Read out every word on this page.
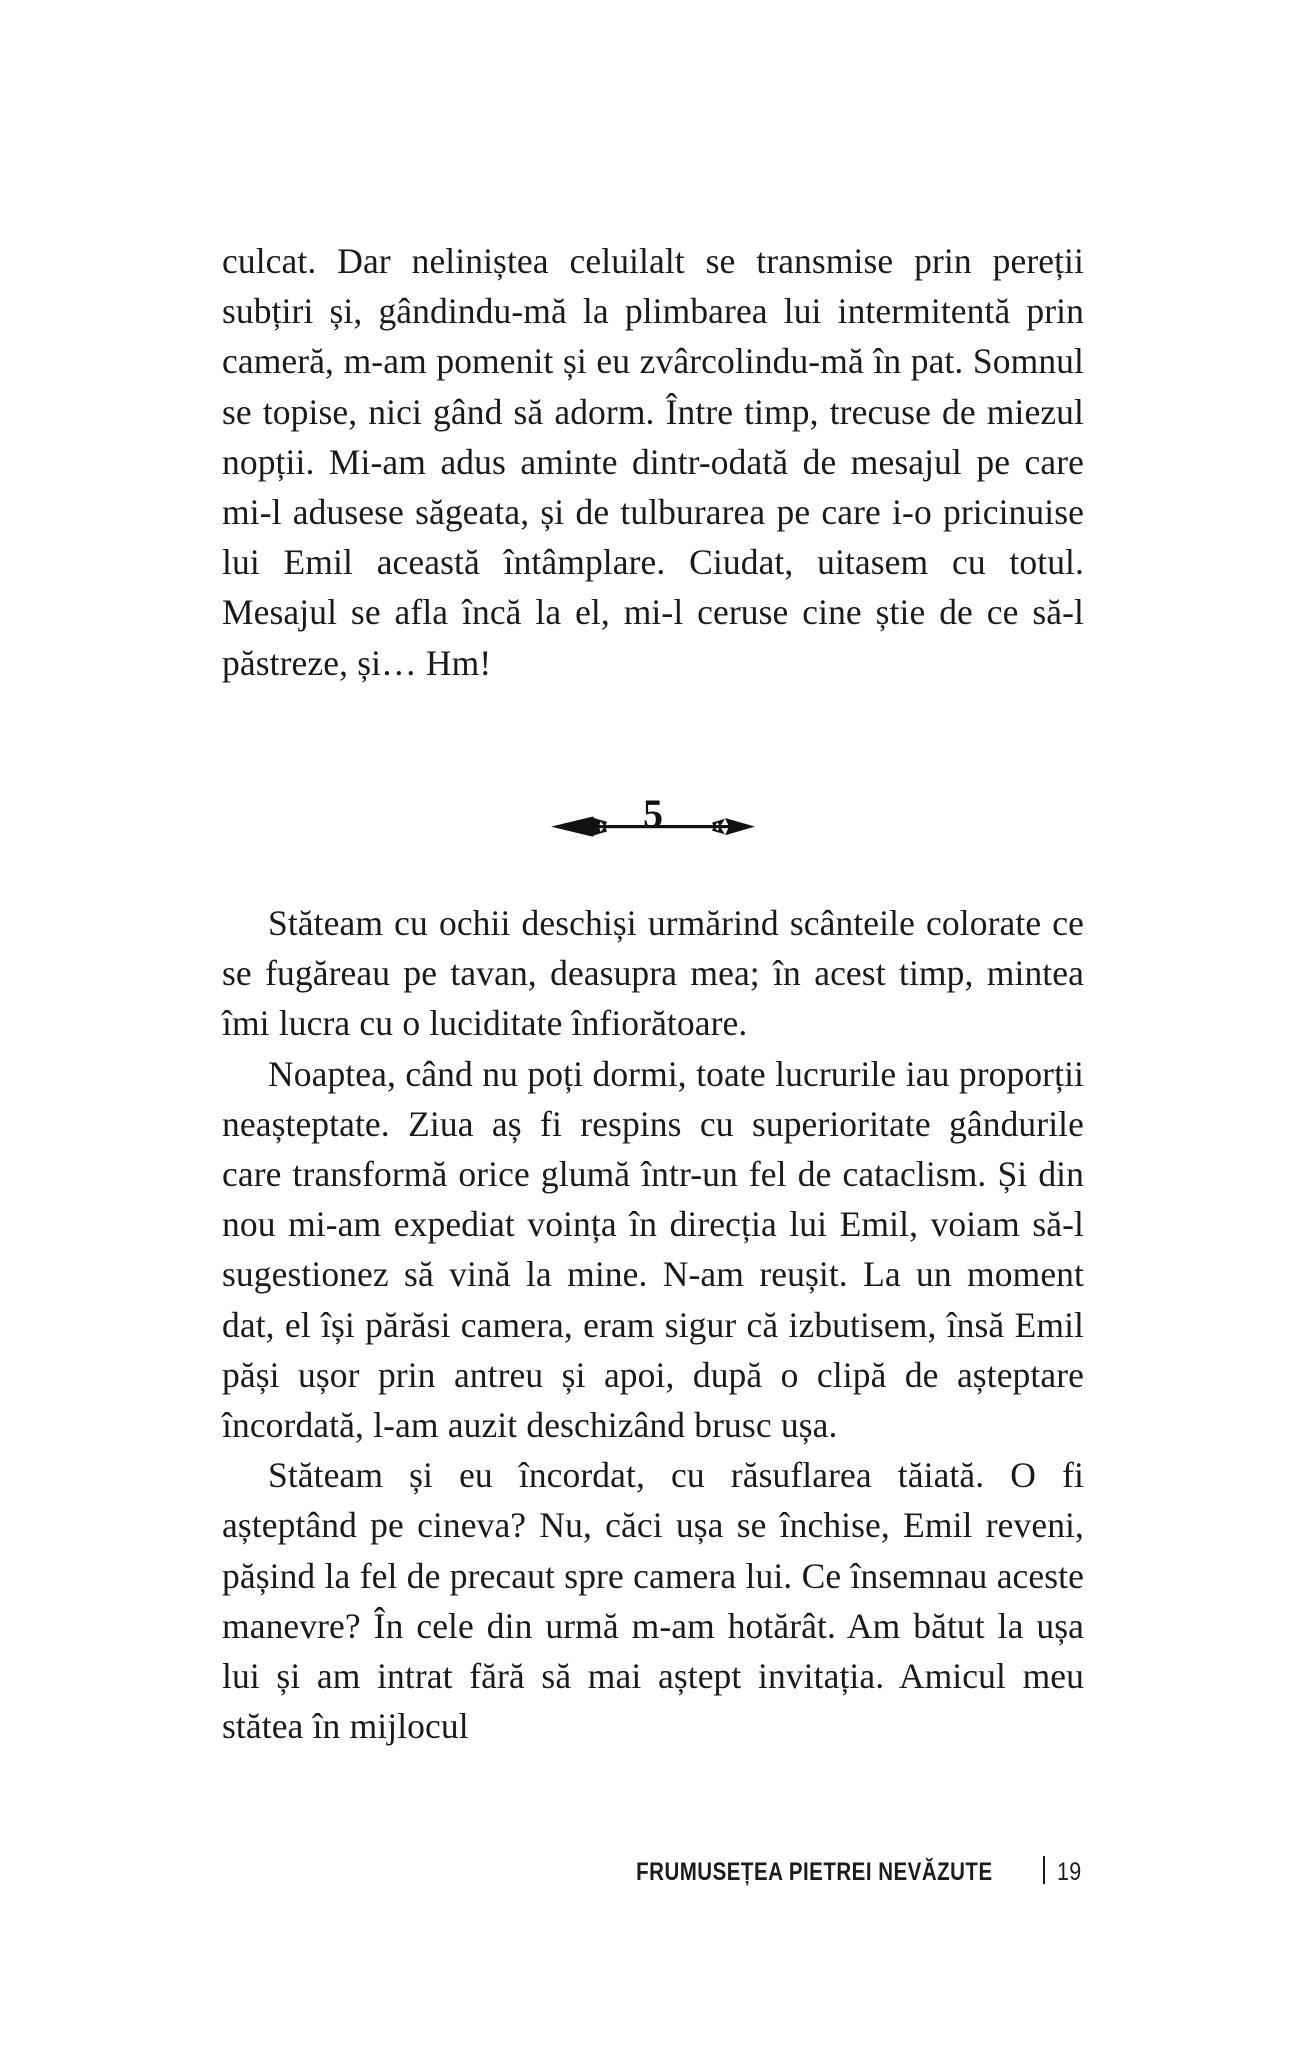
culcat. Dar neliniștea celuilalt se transmise prin pereții subțiri și, gândindu-mă la plimbarea lui intermitentă prin cameră, m-am pomenit și eu zvârcolindu-mă în pat. Somnul se topise, nici gând să adorm. Între timp, trecuse de miezul nopții. Mi-am adus aminte dintr-odată de mesajul pe care mi-l adusese săgeata, și de tulburarea pe care i-o pricinuise lui Emil această întâmplare. Ciudat, uitasem cu totul. Mesajul se afla încă la el, mi-l ceruse cine știe de ce să-l păstreze, și… Hm!

5

Stăteam cu ochii deschiși urmărind scânteile colorate ce se fugăreau pe tavan, deasupra mea; în acest timp, mintea îmi lucra cu o luciditate înfiorătoare.

Noaptea, când nu poți dormi, toate lucrurile iau proporții neașteptate. Ziua aș fi respins cu superioritate gândurile care transformă orice glumă într-un fel de cataclism. Și din nou mi-am expediat voința în direcția lui Emil, voiam să-l sugestionez să vină la mine. N-am reușit. La un moment dat, el își părăsi camera, eram sigur că izbutisem, însă Emil păși ușor prin antreu și apoi, după o clipă de așteptare încordată, l-am auzit deschizând brusc ușa.

Stăteam și eu încordat, cu răsuflarea tăiată. O fi așteptând pe cineva? Nu, căci ușa se închise, Emil reveni, pășind la fel de precaut spre camera lui. Ce însemnau aceste manevre? În cele din urmă m-am hotărât. Am bătut la ușa lui și am intrat fără să mai aștept invitația. Amicul meu stătea în mijlocul

FRUMUSEȚEA PIETREI NEVĂZUTE	19
